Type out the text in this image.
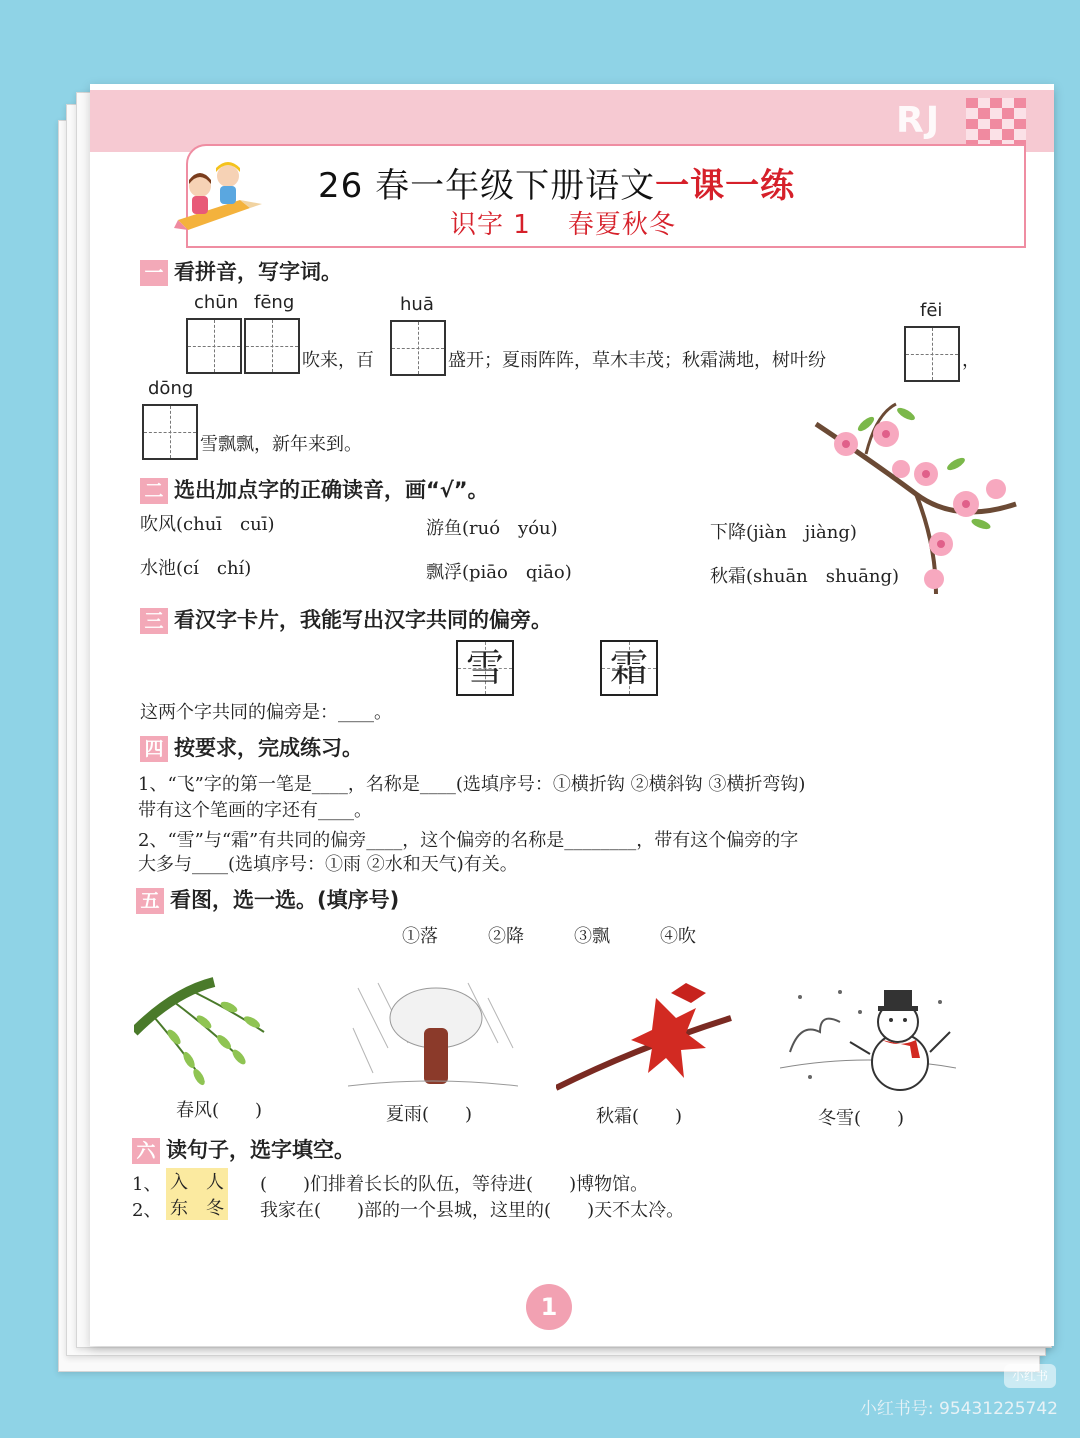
RJ
26 春一年级下册语文一课一练
识字 1 春夏秋冬
一 看拼音，写字词。
chūn fēng
吹来，百
huā
盛开；夏雨阵阵，草木丰茂；秋霜满地，树叶纷
fēi
，
dōng
雪飘飘，新年来到。
二 选出加点字的正确读音，画“√”。
吹风(chuī　cuī)	游鱼(ruó　yóu)	下降(jiàn　jiàng)
水池(cí　chí)	飘浮(piāo　qiāo)	秋霜(shuān　shuāng)
三 看汉字卡片，我能写出汉字共同的偏旁。
雪	霜
这两个字共同的偏旁是：____。
四 按要求，完成练习。
1、“飞”字的第一笔是____，名称是____(选填序号：①横折钩 ②横斜钩 ③横折弯钩)
带有这个笔画的字还有____。
2、“雪”与“霜”有共同的偏旁____，这个偏旁的名称是________，带有这个偏旁的字
大多与____(选填序号：①雨 ②水和天气)有关。
五 看图，选一选。(填序号)
①落	②降	③飘	④吹
春风(　　)	夏雨(　　)	秋霜(　　)	冬雪(　　)
六 读句子，选字填空。
1、 入　人 (　　)们排着长长的队伍，等待进(　　)博物馆。
2、 东　冬 我家在(　　)部的一个县城，这里的(　　)天不太冷。
1
小红书
小红书号: 95431225742
